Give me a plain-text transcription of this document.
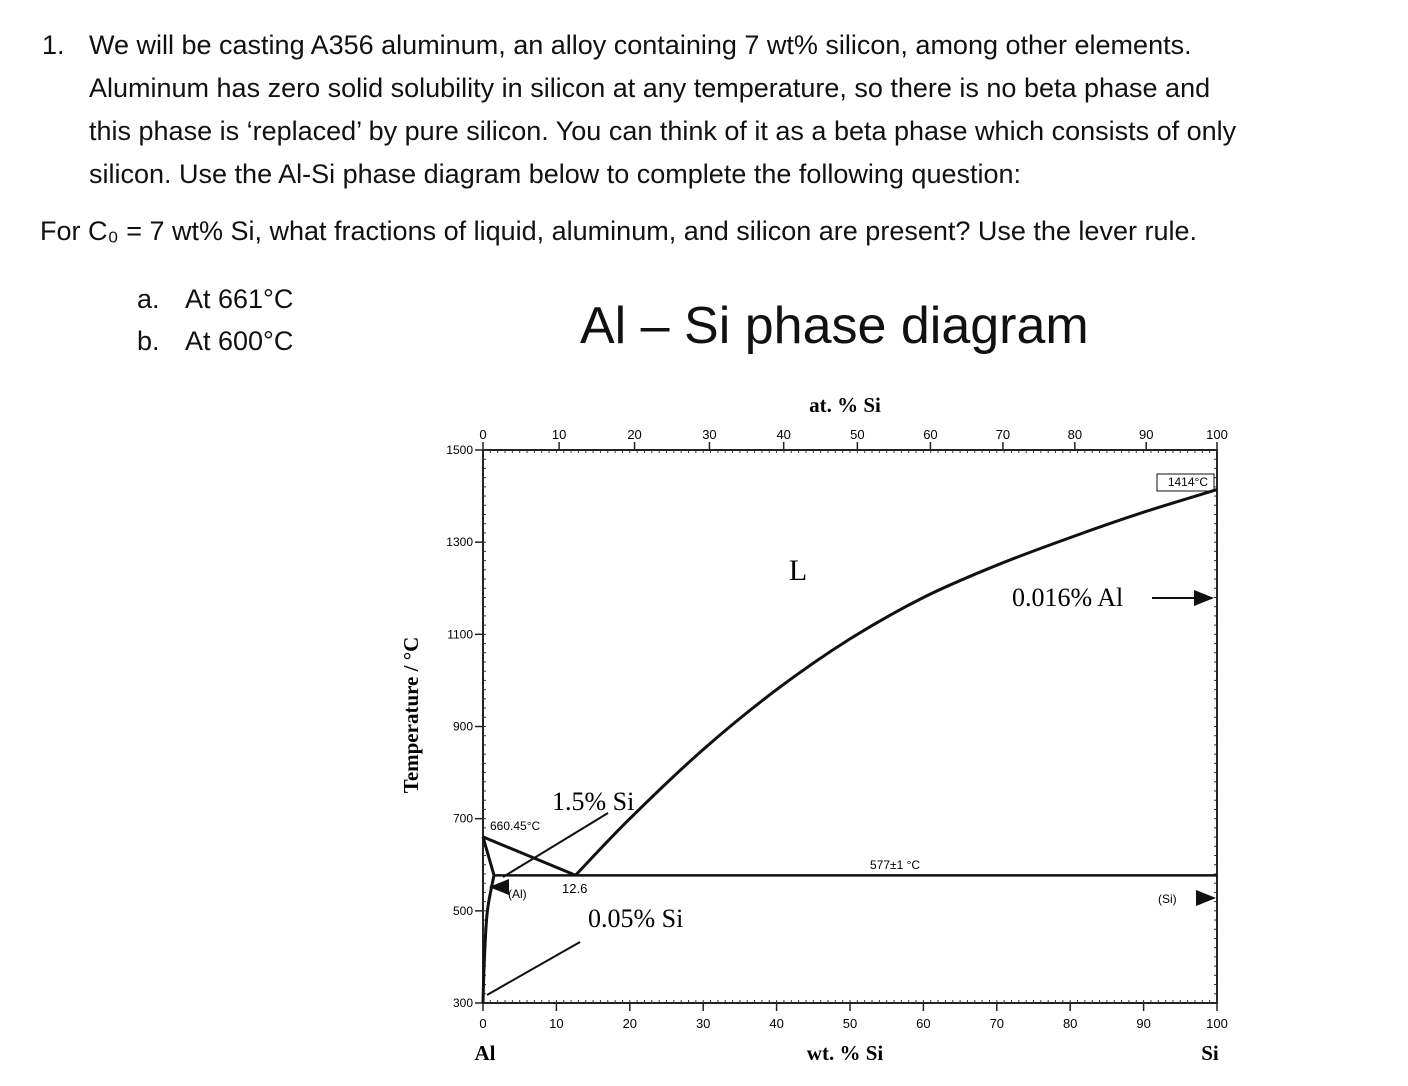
1. We will be casting A356 aluminum, an alloy containing 7 wt% silicon, among other elements.
Aluminum has zero solid solubility in silicon at any temperature, so there is no beta phase and
this phase is ‘replaced’ by pure silicon. You can think of it as a beta phase which consists of only
silicon. Use the Al-Si phase diagram below to complete the following question:
For C₀ = 7 wt% Si, what fractions of liquid, aluminum, and silicon are present? Use the lever rule.
a. At 661°C
b. At 600°C	Al – Si phase diagram
0	10	20	30	40	50	60	70	80	90	100
0	10	20	30	40	50	60	70	80	90	100
1500
1300
1100
900
700
500
300
at. % Si
wt. % Si
Al	Si
Temperature / °C
L
1414°C
0.016% Al
1.5% Si
660.45°C
577±1 °C
12.6
(Al)	(Si)
0.05% Si
